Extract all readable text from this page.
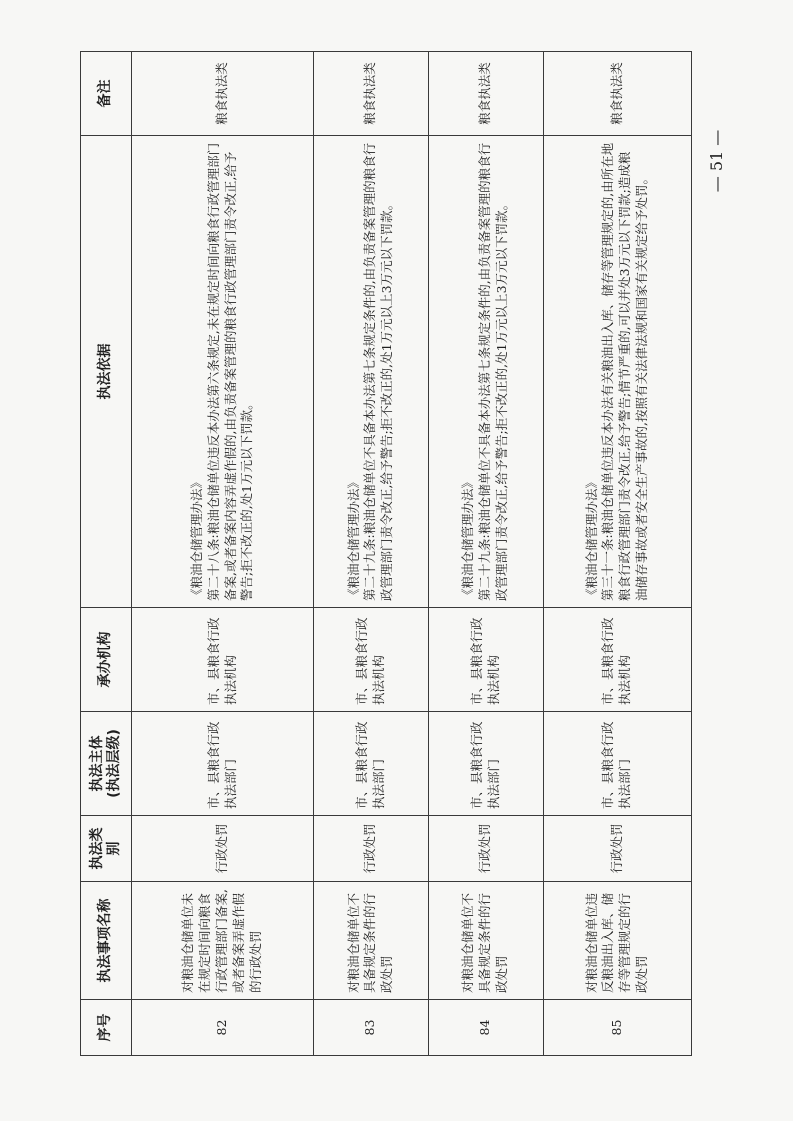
序号	执法事项名称	执法类别	执法主体 (执法层级)	承办机构	执法依据	备注
82	对粮油仓储单位未在规定时间向粮食行政管理部门备案,或者备案弄虚作假的行政处罚	行政处罚	市、县粮食行政执法部门	市、县粮食行政执法机构	《粮油仓储管理办法》 第二十八条:粮油仓储单位违反本办法第六条规定,未在规定时间向粮食行政管理部门备案,或者备案内容弄虚作假的,由负责备案管理的粮食行政管理部门责令改正,给予警告;拒不改正的,处1万元以下罚款。	粮食执法类
83	对粮油仓储单位不具备规定条件的行政处罚	行政处罚	市、县粮食行政执法部门	市、县粮食行政执法机构	《粮油仓储管理办法》 第二十九条:粮油仓储单位不具备本办法第七条规定条件的,由负责备案管理的粮食行政管理部门责令改正,给予警告;拒不改正的,处1万元以上3万元以下罚款。	粮食执法类
84	对粮油仓储单位不具备规定条件的行政处罚	行政处罚	市、县粮食行政执法部门	市、县粮食行政执法机构	《粮油仓储管理办法》 第二十九条:粮油仓储单位不具备本办法第七条规定条件的,由负责备案管理的粮食行政管理部门责令改正,给予警告;拒不改正的,处1万元以上3万元以下罚款。	粮食执法类
85	对粮油仓储单位违反粮油出入库、储存等管理规定的行政处罚	行政处罚	市、县粮食行政执法部门	市、县粮食行政执法机构	《粮油仓储管理办法》 第三十一条:粮油仓储单位违反本办法有关粮油出入库、储存等管理规定的,由所在地粮食行政管理部门责令改正,给予警告;情节严重的,可以并处3万元以下罚款;造成粮油储存事故或者安全生产事故的,按照有关法律法规和国家有关规定给予处罚。	粮食执法类
— 51 —
